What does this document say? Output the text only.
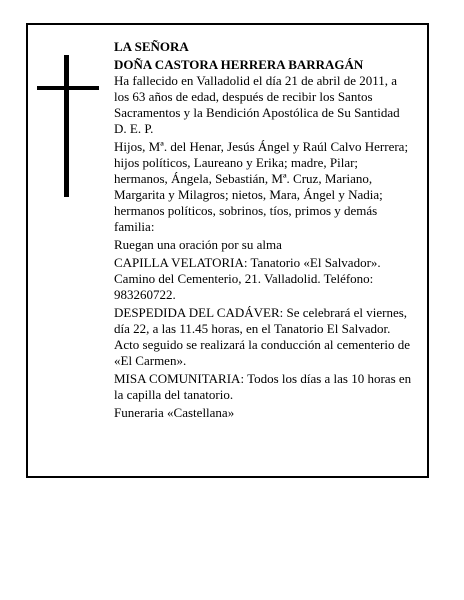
LA SEÑORA

DOÑA CASTORA HERRERA BARRAGÁN

Ha fallecido en Valladolid el día 21 de abril de 2011, a los 63 años de edad, después de recibir los Santos Sacramentos y la Bendición Apostólica de Su Santidad D. E. P.

Hijos, Mª. del Henar, Jesús Ángel y Raúl Calvo Herrera; hijos políticos, Laureano y Erika; madre, Pilar; hermanos, Ángela, Sebastián, Mª. Cruz, Mariano, Margarita y Milagros; nietos, Mara, Ángel y Nadia; hermanos políticos, sobrinos, tíos, primos y demás familia:

Ruegan una oración por su alma

CAPILLA VELATORIA: Tanatorio «El Salvador». Camino del Cementerio, 21. Valladolid. Teléfono: 983260722.

DESPEDIDA DEL CADÁVER: Se celebrará el viernes, día 22, a las 11.45 horas, en el Tanatorio El Salvador. Acto seguido se realizará la conducción al cementerio de «El Carmen».

MISA COMUNITARIA: Todos los días a las 10 horas en la capilla del tanatorio.

Funeraria «Castellana»
